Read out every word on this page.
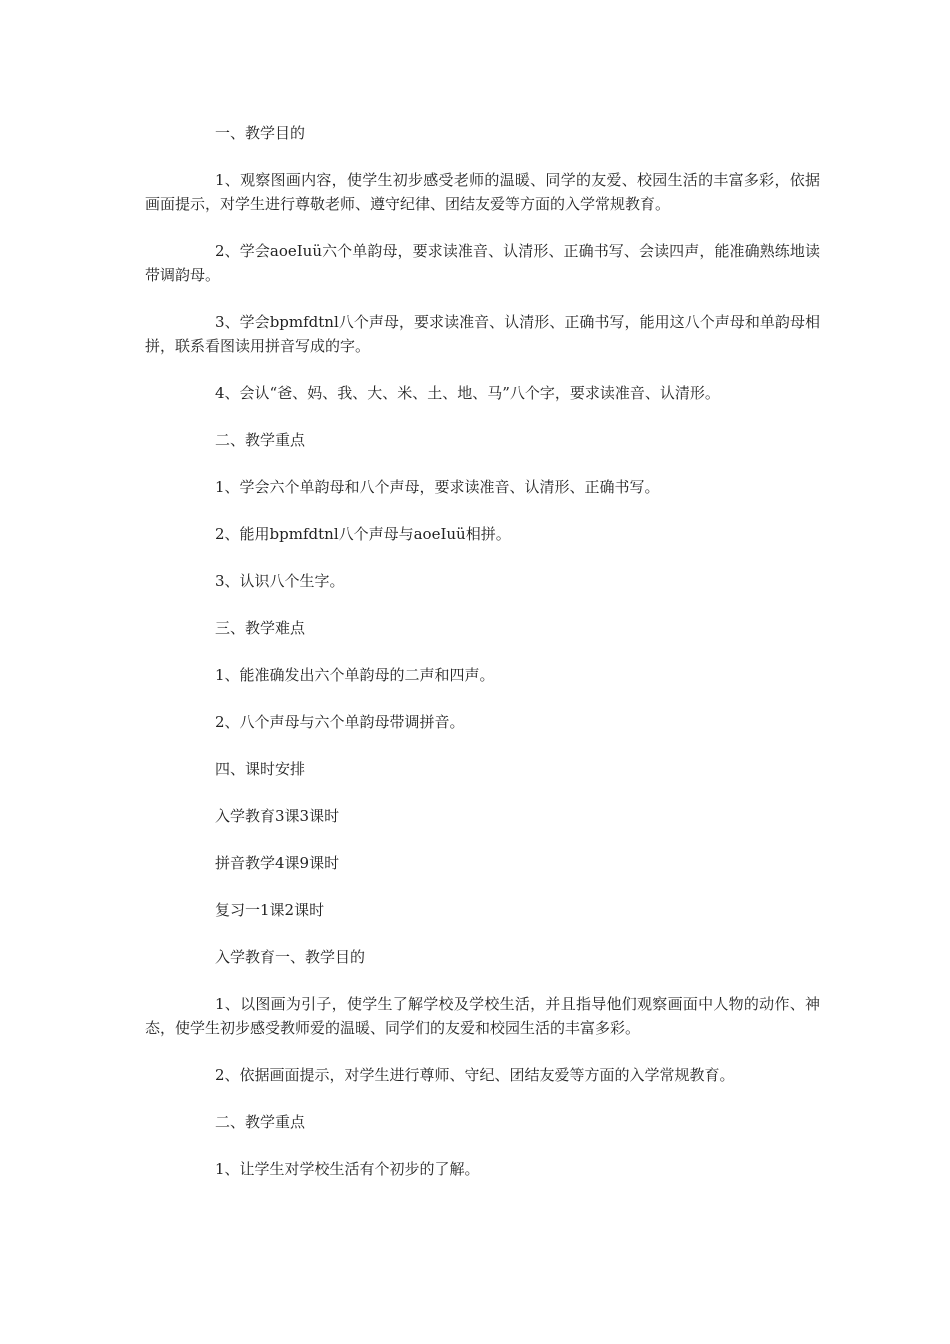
一、教学目的

1、观察图画内容，使学生初步感受老师的温暖、同学的友爱、校园生活的丰富多彩，依据画面提示，对学生进行尊敬老师、遵守纪律、团结友爱等方面的入学常规教育。

2、学会aoeIuü六个单韵母，要求读准音、认清形、正确书写、会读四声，能准确熟练地读带调韵母。

3、学会bpmfdtnl八个声母，要求读准音、认清形、正确书写，能用这八个声母和单韵母相拼，联系看图读用拼音写成的字。

4、会认“爸、妈、我、大、米、土、地、马”八个字，要求读准音、认清形。

二、教学重点

1、学会六个单韵母和八个声母，要求读准音、认清形、正确书写。

2、能用bpmfdtnl八个声母与aoeIuü相拼。

3、认识八个生字。

三、教学难点

1、能准确发出六个单韵母的二声和四声。

2、八个声母与六个单韵母带调拼音。

四、课时安排

入学教育3课3课时

拼音教学4课9课时

复习一1课2课时

入学教育一、教学目的

1、以图画为引子，使学生了解学校及学校生活，并且指导他们观察画面中人物的动作、神态，使学生初步感受教师爱的温暖、同学们的友爱和校园生活的丰富多彩。

2、依据画面提示，对学生进行尊师、守纪、团结友爱等方面的入学常规教育。

二、教学重点

1、让学生对学校生活有个初步的了解。
